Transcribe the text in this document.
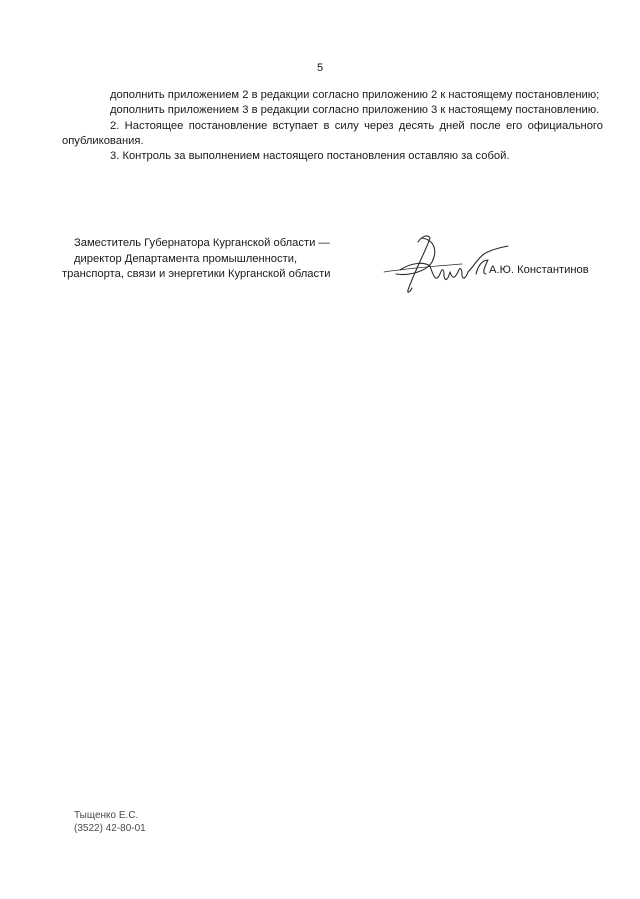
5

дополнить приложением 2 в редакции согласно приложению 2 к настоящему постановлению;

дополнить приложением 3 в редакции согласно приложению 3 к настоящему постановлению.

2. Настоящее постановление вступает в силу через десять дней после его официального опубликования.

3. Контроль за выполнением настоящего постановления оставляю за собой.

Заместитель Губернатора Курганской области —
директор Департамента промышленности,
транспорта, связи и энергетики Курганской области	А.Ю. Константинов
Тыщенко Е.С.
(3522) 42-80-01
